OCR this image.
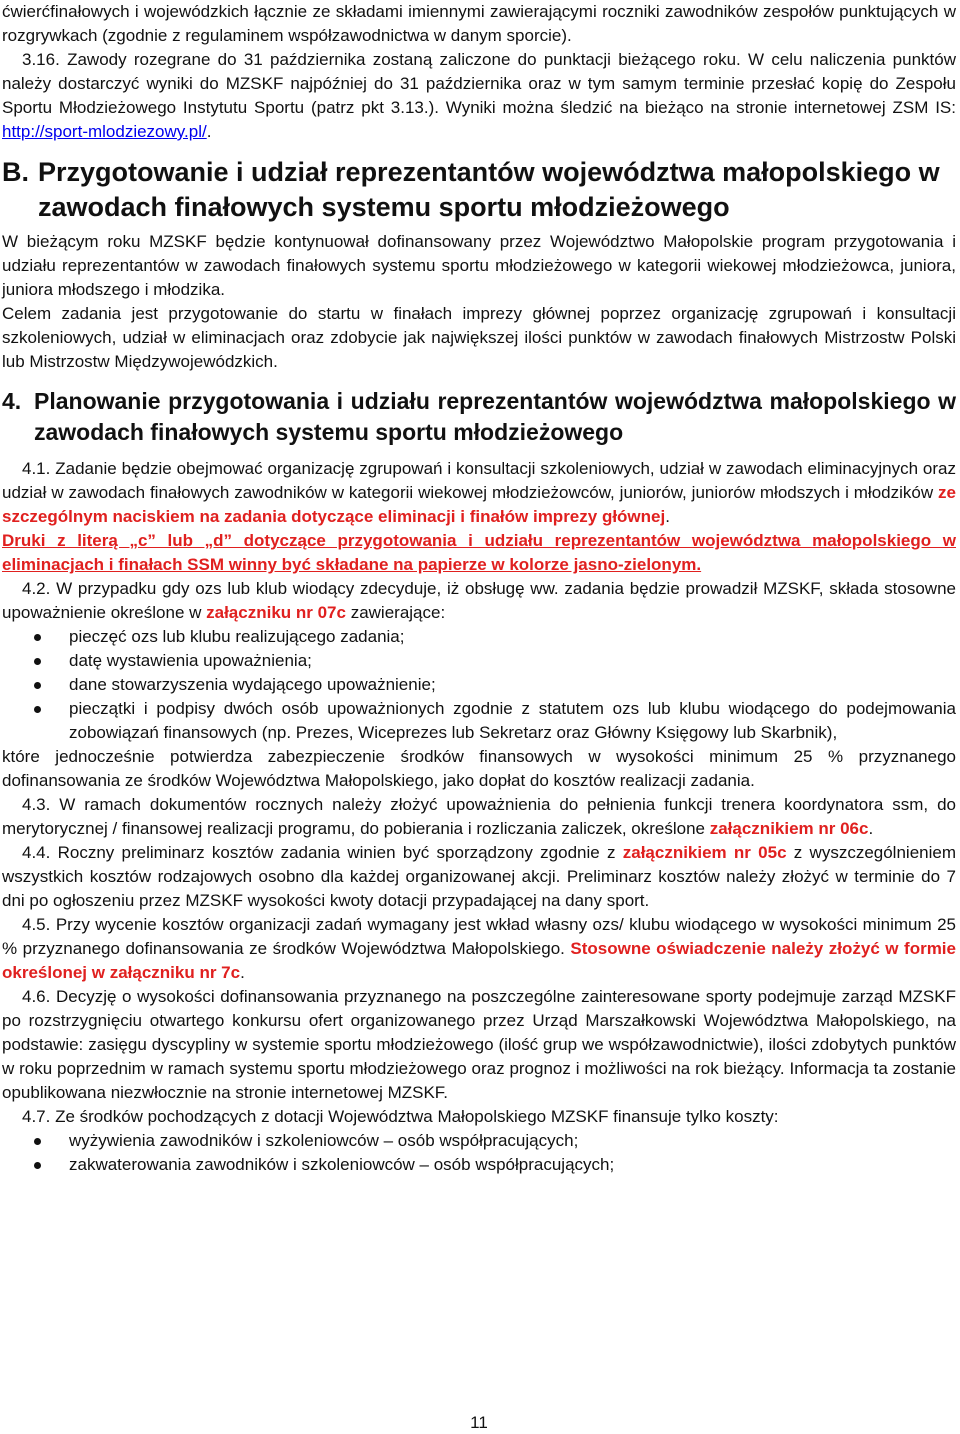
ćwierćfinałowych i wojewódzkich łącznie ze składami imiennymi zawierającymi roczniki zawodników zespołów punktujących w rozgrywkach (zgodnie z regulaminem współzawodnictwa w danym sporcie).

3.16. Zawody rozegrane do 31 października zostaną zaliczone do punktacji bieżącego roku. W celu naliczenia punktów należy dostarczyć wyniki do MZSKF najpóźniej do 31 października oraz w tym samym terminie przesłać kopię do Zespołu Sportu Młodzieżowego Instytutu Sportu (patrz pkt 3.13.). Wyniki można śledzić na bieżąco na stronie internetowej ZSM IS: http://sport-mlodziezowy.pl/.

B. Przygotowanie i udział reprezentantów województwa małopolskiego w zawodach finałowych systemu sportu młodzieżowego

W bieżącym roku MZSKF będzie kontynuował dofinansowany przez Województwo Małopolskie program przygotowania i udziału reprezentantów w zawodach finałowych systemu sportu młodzieżowego w kategorii wiekowej młodzieżowca, juniora, juniora młodszego i młodzika.

Celem zadania jest przygotowanie do startu w finałach imprezy głównej poprzez organizację zgrupowań i konsultacji szkoleniowych, udział w eliminacjach oraz zdobycie jak największej ilości punktów w zawodach finałowych Mistrzostw Polski lub Mistrzostw Międzywojewódzkich.

4. Planowanie przygotowania i udziału reprezentantów województwa małopolskiego w zawodach finałowych systemu sportu młodzieżowego

4.1. Zadanie będzie obejmować organizację zgrupowań i konsultacji szkoleniowych, udział w zawodach eliminacyjnych oraz udział w zawodach finałowych zawodników w kategorii wiekowej młodzieżowców, juniorów, juniorów młodszych i młodzików ze szczególnym naciskiem na zadania dotyczące eliminacji i finałów imprezy głównej.

Druki z literą „c” lub „d” dotyczące przygotowania i udziału reprezentantów województwa małopolskiego w eliminacjach i finałach SSM winny być składane na papierze w kolorze jasno-zielonym.

4.2. W przypadku gdy ozs lub klub wiodący zdecyduje, iż obsługę ww. zadania będzie prowadził MZSKF, składa stosowne upoważnienie określone w załączniku nr 07c zawierające:

pieczęć ozs lub klubu realizującego zadania;
datę wystawienia upoważnienia;
dane stowarzyszenia wydającego upoważnienie;
pieczątki i podpisy dwóch osób upoważnionych zgodnie z statutem ozs lub klubu wiodącego do podejmowania zobowiązań finansowych (np. Prezes, Wiceprezes lub Sekretarz oraz Główny Księgowy lub Skarbnik),

które jednocześnie potwierdza zabezpieczenie środków finansowych w wysokości minimum 25 % przyznanego dofinansowania ze środków Województwa Małopolskiego, jako dopłat do kosztów realizacji zadania.

4.3. W ramach dokumentów rocznych należy złożyć upoważnienia do pełnienia funkcji trenera koordynatora ssm, do merytorycznej / finansowej realizacji programu, do pobierania i rozliczania zaliczek, określone załącznikiem nr 06c.

4.4. Roczny preliminarz kosztów zadania winien być sporządzony zgodnie z załącznikiem nr 05c z wyszczególnieniem wszystkich kosztów rodzajowych osobno dla każdej organizowanej akcji. Preliminarz kosztów należy złożyć w terminie do 7 dni po ogłoszeniu przez MZSKF wysokości kwoty dotacji przypadającej na dany sport.

4.5. Przy wycenie kosztów organizacji zadań wymagany jest wkład własny ozs/ klubu wiodącego w wysokości minimum 25 % przyznanego dofinansowania ze środków Województwa Małopolskiego. Stosowne oświadczenie należy złożyć w formie określonej w załączniku nr 7c.

4.6. Decyzję o wysokości dofinansowania przyznanego na poszczególne zainteresowane sporty podejmuje zarząd MZSKF po rozstrzygnięciu otwartego konkursu ofert organizowanego przez Urząd Marszałkowski Województwa Małopolskiego, na podstawie: zasięgu dyscypliny w systemie sportu młodzieżowego (ilość grup we współzawodnictwie), ilości zdobytych punktów w roku poprzednim w ramach systemu sportu młodzieżowego oraz prognoz i możliwości na rok bieżący. Informacja ta zostanie opublikowana niezwłocznie na stronie internetowej MZSKF.

4.7. Ze środków pochodzących z dotacji Województwa Małopolskiego MZSKF finansuje tylko koszty:

wyżywienia zawodników i szkoleniowców – osób współpracujących;
zakwaterowania zawodników i szkoleniowców – osób współpracujących;
11
